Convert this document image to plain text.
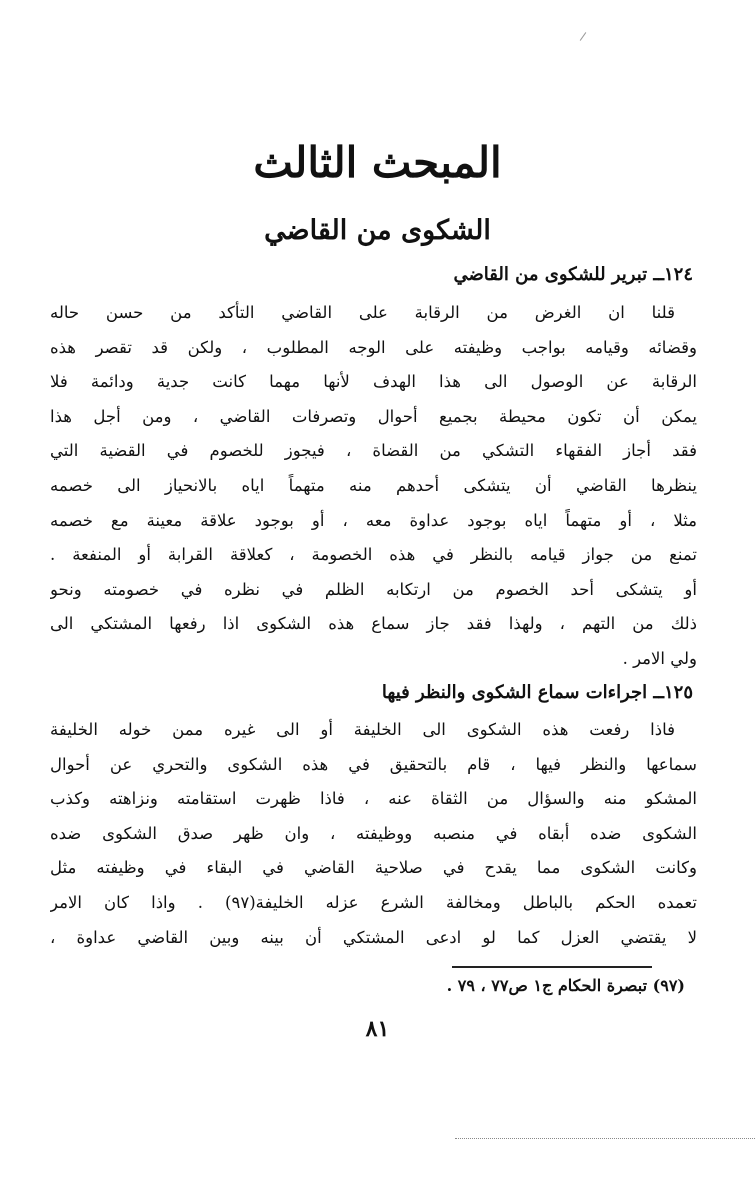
المبحث الثالث
الشكوى من القاضي
١٢٤ــ تبرير للشكوى من القاضي
قلنا ان الغرض من الرقابة على القاضي التأكد من حسن حاله
وقضائه وقيامه بواجب وظيفته على الوجه المطلوب ، ولكن قد تقصر هذه
الرقابة عن الوصول الى هذا الهدف لأنها مهما كانت جدية ودائمة فلا
يمكن أن تكون محيطة بجميع أحوال وتصرفات القاضي ، ومن أجل هذا
فقد أجاز الفقهاء التشكي من القضاة ، فيجوز للخصوم في القضية التي
ينظرها القاضي أن يتشكى أحدهم منه متهماً اياه بالانحياز الى خصمه
مثلا ، أو متهماً اياه بوجود عداوة معه ، أو بوجود علاقة معينة مع خصمه
تمنع من جواز قيامه بالنظر في هذه الخصومة ، كعلاقة القرابة أو المنفعة .
أو يتشكى أحد الخصوم من ارتكابه الظلم في نظره في خصومته ونحو
ذلك من التهم ، ولهذا فقد جاز سماع هذه الشكوى اذا رفعها المشتكي الى
ولي الامر .
١٢٥ــ اجراءات سماع الشكوى والنظر فيها
فاذا رفعت هذه الشكوى الى الخليفة أو الى غيره ممن خوله الخليفة
سماعها والنظر فيها ، قام بالتحقيق في هذه الشكوى والتحري عن أحوال
المشكو منه والسؤال من الثقاة عنه ، فاذا ظهرت استقامته ونزاهته وكذب
الشكوى ضده أبقاه في منصبه ووظيفته ، وان ظهر صدق الشكوى ضده
وكانت الشكوى مما يقدح في صلاحية القاضي في البقاء في وظيفته مثل
تعمده الحكم بالباطل ومخالفة الشرع عزله الخليفة(٩٧) . واذا كان الامر
لا يقتضي العزل كما لو ادعى المشتكي أن بينه وبين القاضي عداوة ،
(٩٧) تبصرة الحكام ج١ ص٧٧ ، ٧٩ .
٨١
